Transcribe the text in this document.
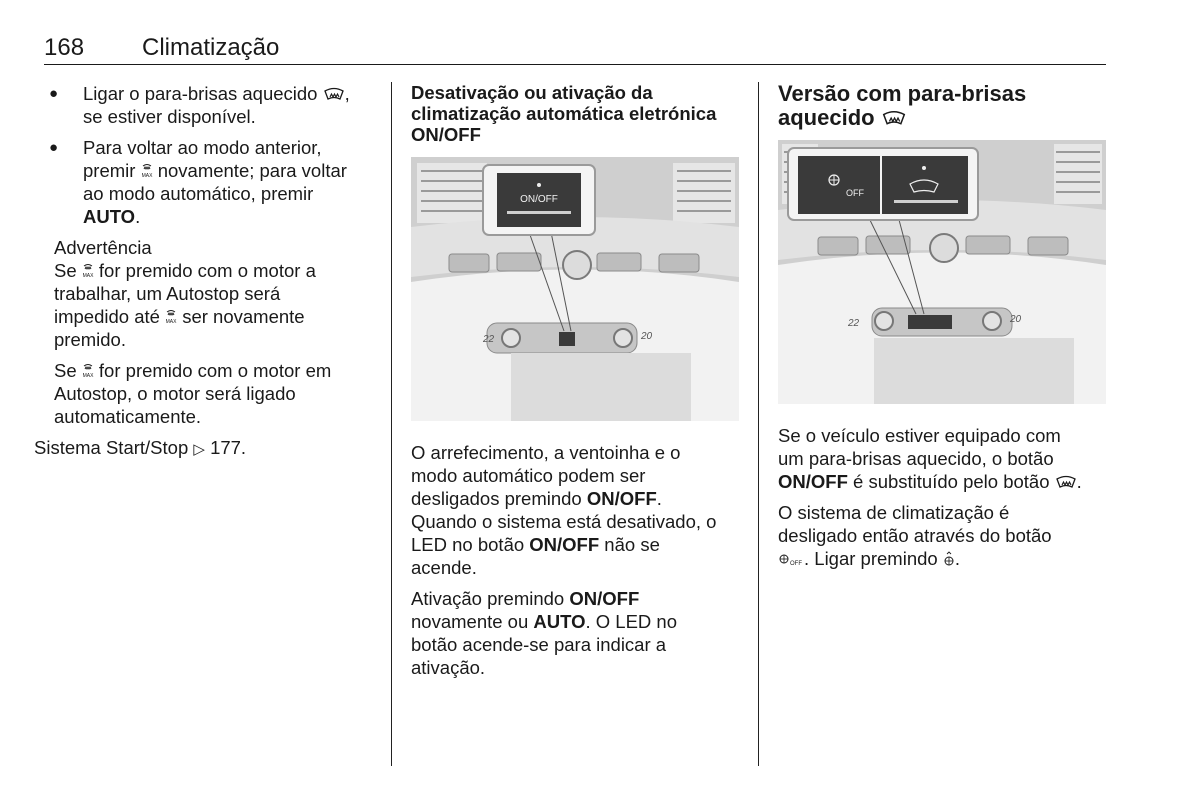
168 Climatização
● Ligar o para-brisas aquecido ,
se estiver disponível.
● Para voltar ao modo anterior,
premir MAX novamente; para voltar
ao modo automático, premir
AUTO.
Advertência

Se MAX for premido com o motor a
trabalhar, um Autostop será
impedido até MAX ser novamente
premido.

Se MAX for premido com o motor em
Autostop, o motor será ligado
automaticamente.

Sistema Start/Stop ▷ 177.

Desativação ou ativação da climatização automática eletrónica ON/OFF
22	20
ON/OFF

O arrefecimento, a ventoinha e o
modo automático podem ser
desligados premindo ON/OFF.
Quando o sistema está desativado, o
LED no botão ON/OFF não se
acende.

Ativação premindo ON/OFF
novamente ou AUTO. O LED no
botão acende-se para indicar a
ativação.

Versão com para-brisas
aquecido
22	20
OFF

Se o veículo estiver equipado com
um para-brisas aquecido, o botão
ON/OFF é substituído pelo botão .

O sistema de climatização é
desligado então através do botão

OFF . Ligar premindo .
